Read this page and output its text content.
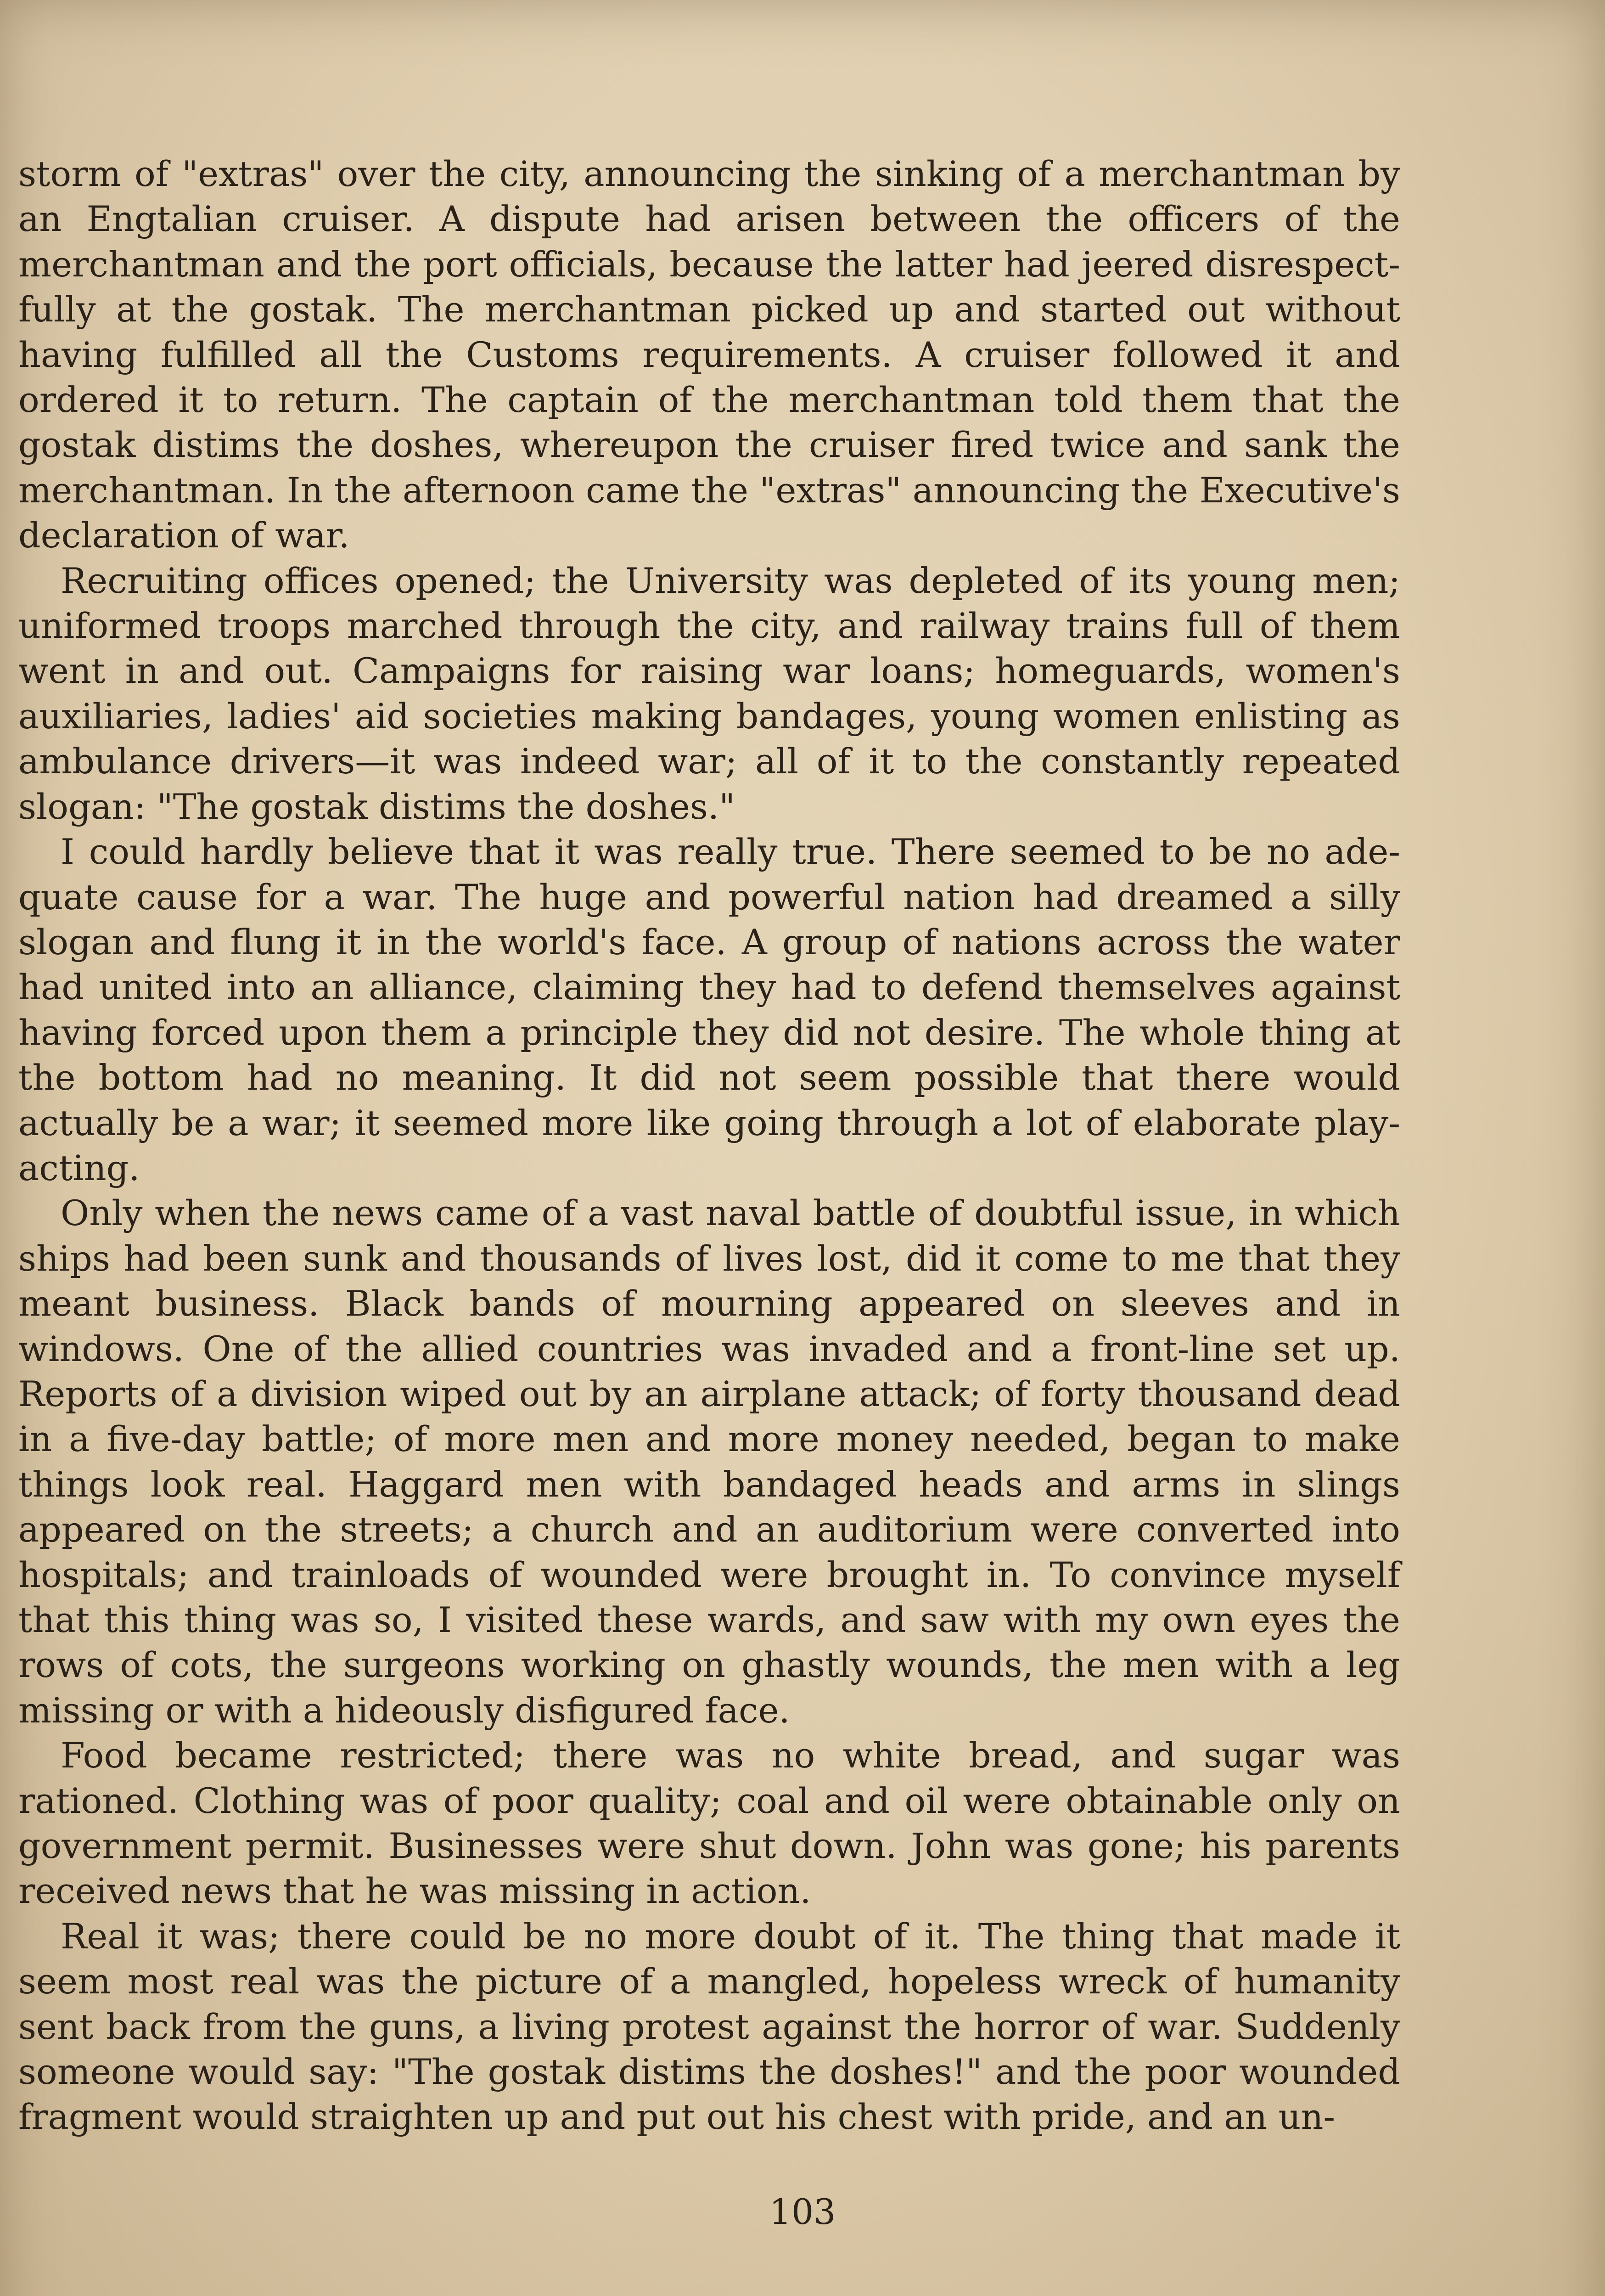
storm of "extras" over the city, announcing the sinking of a merchantman by an Engtalian cruiser. A dispute had arisen between the officers of the merchantman and the port officials, because the latter had jeered disrespectfully at the gostak. The merchantman picked up and started out without having fulfilled all the Customs requirements. A cruiser followed it and ordered it to return. The captain of the merchantman told them that the gostak distims the doshes, whereupon the cruiser fired twice and sank the merchantman. In the afternoon came the "extras" announcing the Executive's declaration of war.

Recruiting offices opened; the University was depleted of its young men; uniformed troops marched through the city, and railway trains full of them went in and out. Campaigns for raising war loans; homeguards, women's auxiliaries, ladies' aid societies making bandages, young women enlisting as ambulance drivers—it was indeed war; all of it to the constantly repeated slogan: "The gostak distims the doshes."

I could hardly believe that it was really true. There seemed to be no adequate cause for a war. The huge and powerful nation had dreamed a silly slogan and flung it in the world's face. A group of nations across the water had united into an alliance, claiming they had to defend themselves against having forced upon them a principle they did not desire. The whole thing at the bottom had no meaning. It did not seem possible that there would actually be a war; it seemed more like going through a lot of elaborate playacting.

Only when the news came of a vast naval battle of doubtful issue, in which ships had been sunk and thousands of lives lost, did it come to me that they meant business. Black bands of mourning appeared on sleeves and in windows. One of the allied countries was invaded and a front-line set up. Reports of a division wiped out by an airplane attack; of forty thousand dead in a five-day battle; of more men and more money needed, began to make things look real. Haggard men with bandaged heads and arms in slings appeared on the streets; a church and an auditorium were converted into hospitals; and trainloads of wounded were brought in. To convince myself that this thing was so, I visited these wards, and saw with my own eyes the rows of cots, the surgeons working on ghastly wounds, the men with a leg missing or with a hideously disfigured face.

Food became restricted; there was no white bread, and sugar was rationed. Clothing was of poor quality; coal and oil were obtainable only on government permit. Businesses were shut down. John was gone; his parents received news that he was missing in action.

Real it was; there could be no more doubt of it. The thing that made it seem most real was the picture of a mangled, hopeless wreck of humanity sent back from the guns, a living protest against the horror of war. Suddenly someone would say: "The gostak distims the doshes!" and the poor wounded fragment would straighten up and put out his chest with pride, and an un-

103
